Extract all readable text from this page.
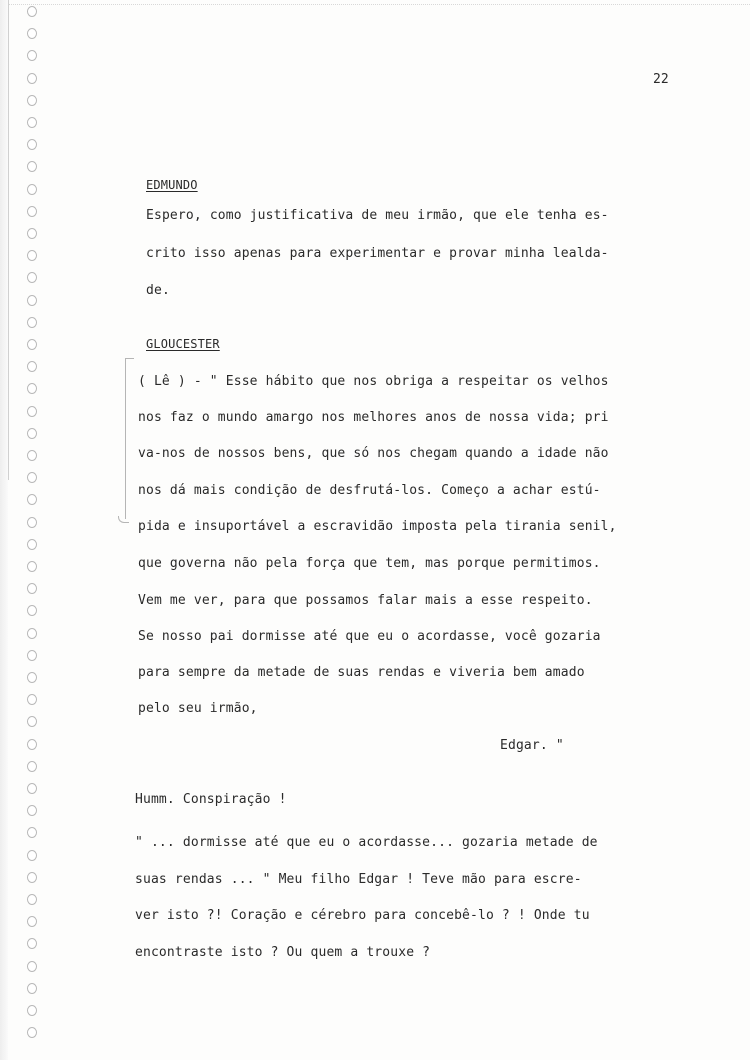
22
EDMUNDO
Espero, como justificativa de meu irmão, que ele tenha es-
crito isso apenas para experimentar e provar minha lealda-
de.
GLOUCESTER
( Lê ) - " Esse hábito que nos obriga a respeitar os velhos
nos faz o mundo amargo nos melhores anos de nossa vida; pri
va-nos de nossos bens, que só nos chegam quando a idade não
nos dá mais condição de desfrutá-los. Começo a achar estú-
pida e insuportável a escravidão imposta pela tirania senil,
que governa não pela força que tem, mas porque permitimos.
Vem me ver, para que possamos falar mais a esse respeito.
Se nosso pai dormisse até que eu o acordasse, você gozaria
para sempre da metade de suas rendas e viveria bem amado
pelo seu irmão,
Edgar. "
Humm. Conspiração !
" ... dormisse até que eu o acordasse... gozaria metade de
suas rendas ... " Meu filho Edgar ! Teve mão para escre-
ver isto ?! Coração e cérebro para concebê-lo ? ! Onde tu
encontraste isto ? Ou quem a trouxe ?
